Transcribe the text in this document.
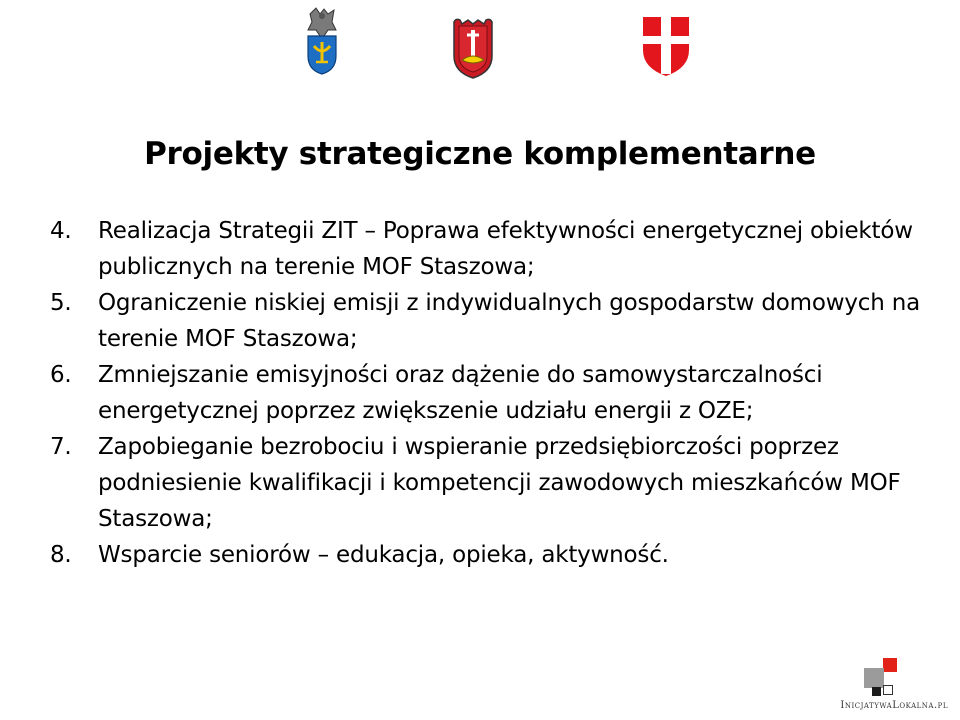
Projekty strategiczne komplementarne
4. Realizacja Strategii ZIT – Poprawa efektywności energetycznej obiektów publicznych na terenie MOF Staszowa;
5. Ograniczenie niskiej emisji z indywidualnych gospodarstw domowych na terenie MOF Staszowa;
6. Zmniejszanie emisyjności oraz dążenie do samowystarczalności energetycznej poprzez zwiększenie udziału energii z OZE;
7. Zapobieganie bezrobociu i wspieranie przedsiębiorczości poprzez podniesienie kwalifikacji i kompetencji zawodowych mieszkańców MOF Staszowa;
8. Wsparcie seniorów – edukacja, opieka, aktywność.
InicjatywaLokalna.pl
